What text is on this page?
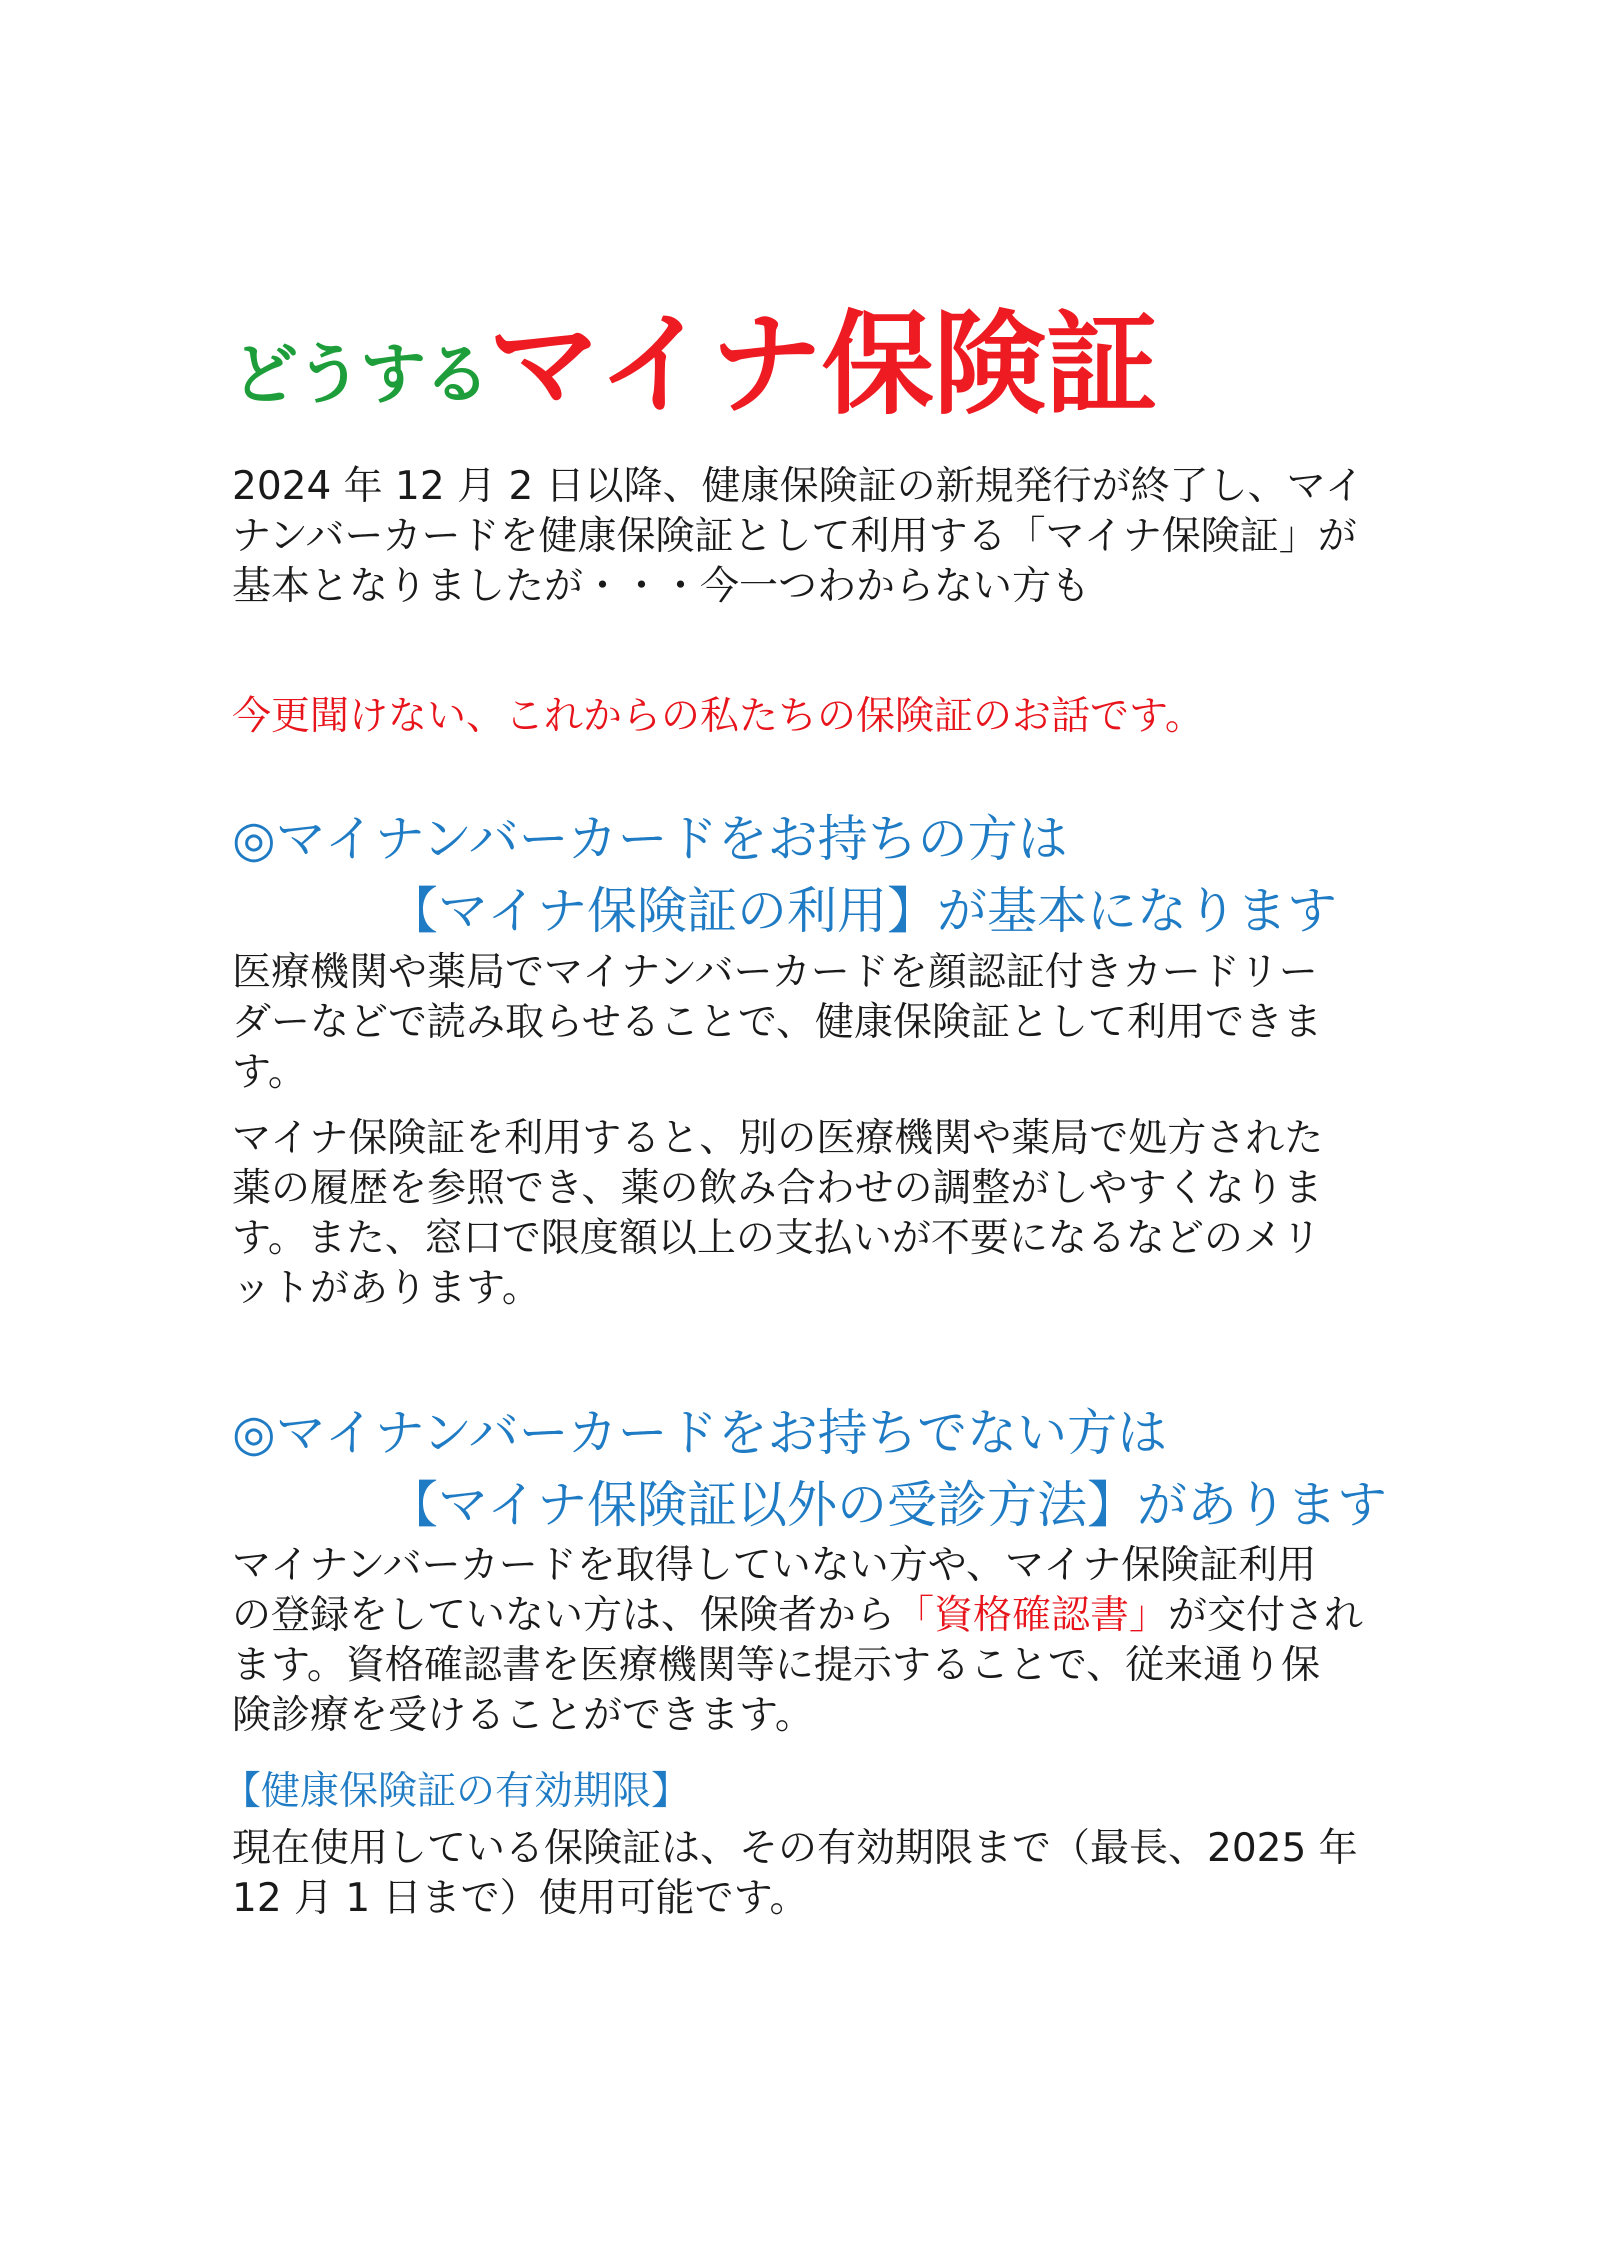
どうするマイナ保険証
2024 年 12 月 2 日以降、健康保険証の新規発行が終了し、マイ
ナンバーカードを健康保険証として利用する「マイナ保険証」が
基本となりましたが・・・今一つわからない方も
今更聞けない、これからの私たちの保険証のお話です。
◎マイナンバーカードをお持ちの方は
【マイナ保険証の利用】が基本になります
医療機関や薬局でマイナンバーカードを顔認証付きカードリー
ダーなどで読み取らせることで、健康保険証として利用できま
す。
マイナ保険証を利用すると、別の医療機関や薬局で処方された
薬の履歴を参照でき、薬の飲み合わせの調整がしやすくなりま
す。また、窓口で限度額以上の支払いが不要になるなどのメリ
ットがあります。
◎マイナンバーカードをお持ちでない方は
【マイナ保険証以外の受診方法】があります
マイナンバーカードを取得していない方や、マイナ保険証利用
の登録をしていない方は、保険者から「資格確認書」が交付され
ます。資格確認書を医療機関等に提示することで、従来通り保
険診療を受けることができます。
【健康保険証の有効期限】
現在使用している保険証は、その有効期限まで（最長、2025 年
12 月 1 日まで）使用可能です。
